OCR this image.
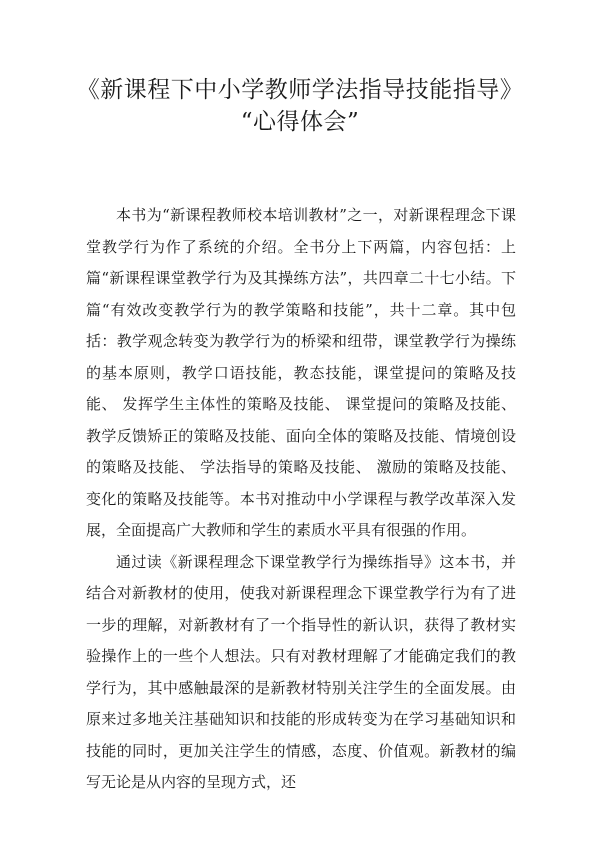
《新课程下中小学教师学法指导技能指导》
“心得体会”

本书为“新课程教师校本培训教材”之一，对新课程理念下课堂教学行为作了系统的介绍。全书分上下两篇，内容包括：上篇“新课程课堂教学行为及其操练方法”，共四章二十七小结。下篇“有效改变教学行为的教学策略和技能”，共十二章。其中包括：教学观念转变为教学行为的桥梁和纽带，课堂教学行为操练的基本原则，教学口语技能，教态技能，课堂提问的策略及技能、 发挥学生主体性的策略及技能、 课堂提问的策略及技能、 教学反馈矫正的策略及技能、面向全体的策略及技能、情境创设的策略及技能、 学法指导的策略及技能、 激励的策略及技能、 变化的策略及技能等。本书对推动中小学课程与教学改革深入发展，全面提高广大教师和学生的素质水平具有很强的作用。

通过读《新课程理念下课堂教学行为操练指导》这本书，并结合对新教材的使用，使我对新课程理念下课堂教学行为有了进一步的理解，对新教材有了一个指导性的新认识，获得了教材实验操作上的一些个人想法。只有对教材理解了才能确定我们的教学行为，其中感触最深的是新教材特别关注学生的全面发展。由原来过多地关注基础知识和技能的形成转变为在学习基础知识和技能的同时，更加关注学生的情感，态度、价值观。新教材的编写无论是从内容的呈现方式，还
